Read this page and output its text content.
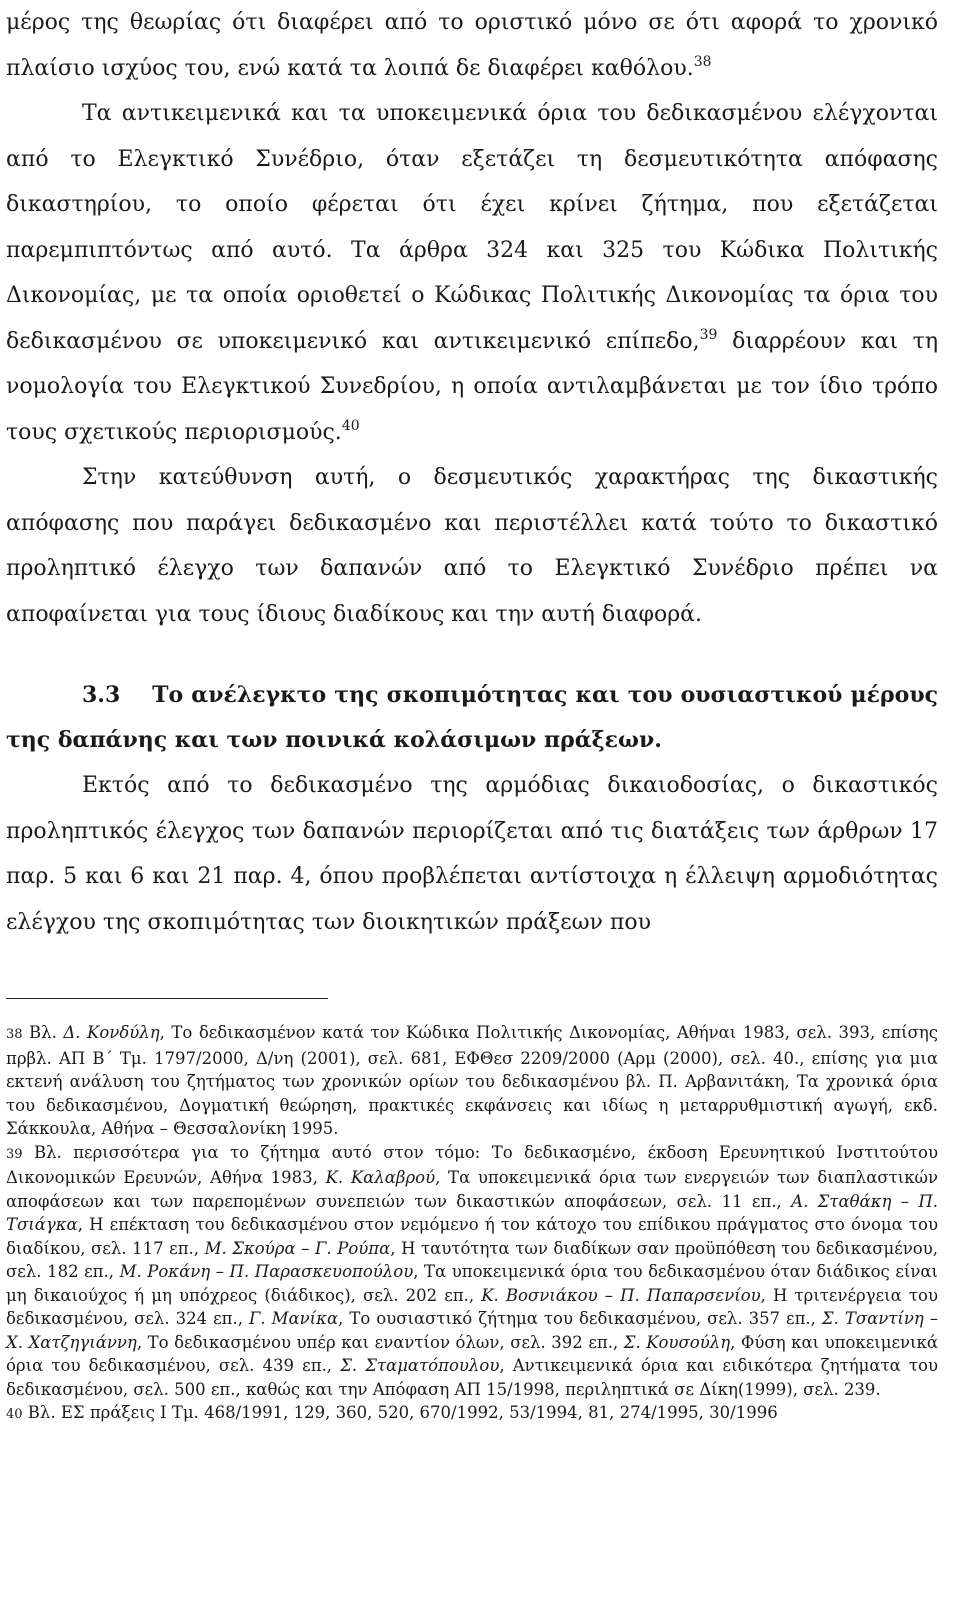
μέρος της θεωρίας ότι διαφέρει από το οριστικό μόνο σε ότι αφορά το χρονικό πλαίσιο ισχύος του, ενώ κατά τα λοιπά δε διαφέρει καθόλου.$^{38}$

Τα αντικειμενικά και τα υποκειμενικά όρια του δεδικασμένου ελέγχονται από το Ελεγκτικό Συνέδριο, όταν εξετάζει τη δεσμευτικότητα απόφασης δικαστηρίου, το οποίο φέρεται ότι έχει κρίνει ζήτημα, που εξετάζεται παρεμπιπτόντως από αυτό. Τα άρθρα 324 και 325 του Κώδικα Πολιτικής Δικονομίας, με τα οποία οριοθετεί ο Κώδικας Πολιτικής Δικονομίας τα όρια του δεδικασμένου σε υποκειμενικό και αντικειμενικό επίπεδο,$^{39}$ διαρρέουν και τη νομολογία του Ελεγκτικού Συνεδρίου, η οποία αντιλαμβάνεται με τον ίδιο τρόπο τους σχετικούς περιορισμούς.$^{40}$

Στην κατεύθυνση αυτή, ο δεσμευτικός χαρακτήρας της δικαστικής απόφασης που παράγει δεδικασμένο και περιστέλλει κατά τούτο το δικαστικό προληπτικό έλεγχο των δαπανών από το Ελεγκτικό Συνέδριο πρέπει να αποφαίνεται για τους ίδιους διαδίκους και την αυτή διαφορά.

3.3 Το ανέλεγκτο της σκοπιμότητας και του ουσιαστικού μέρους της δαπάνης και των ποινικά κολάσιμων πράξεων.

Εκτός από το δεδικασμένο της αρμόδιας δικαιοδοσίας, ο δικαστικός προληπτικός έλεγχος των δαπανών περιορίζεται από τις διατάξεις των άρθρων 17 παρ. 5 και 6 και 21 παρ. 4, όπου προβλέπεται αντίστοιχα η έλλειψη αρμοδιότητας ελέγχου της σκοπιμότητας των διοικητικών πράξεων που

38 Βλ. Δ. Κονδύλη, Το δεδικασμένον κατά τον Κώδικα Πολιτικής Δικονομίας, Αθήναι 1983, σελ. 393, επίσης πρβλ. ΑΠ Β΄ Τμ. 1797/2000, Δ/νη (2001), σελ. 681, ΕΦΘεσ 2209/2000 (Αρμ (2000), σελ. 40., επίσης για μια εκτενή ανάλυση του ζητήματος των χρονικών ορίων του δεδικασμένου βλ. Π. Αρβανιτάκη, Τα χρονικά όρια του δεδικασμένου, Δογματική θεώρηση, πρακτικές εκφάνσεις και ιδίως η μεταρρυθμιστική αγωγή, εκδ. Σάκκουλα, Αθήνα – Θεσσαλονίκη 1995.

39 Βλ. περισσότερα για το ζήτημα αυτό στον τόμο: Το δεδικασμένο, έκδοση Ερευνητικού Ινστιτούτου Δικονομικών Ερευνών, Αθήνα 1983, Κ. Καλαβρού, Τα υποκειμενικά όρια των ενεργειών των διαπλαστικών αποφάσεων και των παρεπομένων συνεπειών των δικαστικών αποφάσεων, σελ. 11 επ., Α. Σταθάκη – Π. Τσιάγκα, Η επέκταση του δεδικασμένου στον νεμόμενο ή τον κάτοχο του επίδικου πράγματος στο όνομα του διαδίκου, σελ. 117 επ., Μ. Σκούρα – Γ. Ρούπα, Η ταυτότητα των διαδίκων σαν προϋπόθεση του δεδικασμένου, σελ. 182 επ., Μ. Ροκάνη – Π. Παρασκευοπούλου, Τα υποκειμενικά όρια του δεδικασμένου όταν διάδικος είναι μη δικαιούχος ή μη υπόχρεος (διάδικος), σελ. 202 επ., Κ. Βοσνιάκου – Π. Παπαρσενίου, Η τριτενέργεια του δεδικασμένου, σελ. 324 επ., Γ. Μανίκα, Το ουσιαστικό ζήτημα του δεδικασμένου, σελ. 357 επ., Σ. Τσαντίνη – Χ. Χατζηγιάννη, Το δεδικασμένου υπέρ και εναντίον όλων, σελ. 392 επ., Σ. Κουσούλη, Φύση και υποκειμενικά όρια του δεδικασμένου, σελ. 439 επ., Σ. Σταματόπουλου, Αντικειμενικά όρια και ειδικότερα ζητήματα του δεδικασμένου, σελ. 500 επ., καθώς και την Απόφαση ΑΠ 15/1998, περιληπτικά σε Δίκη(1999), σελ. 239.

40 Βλ. ΕΣ πράξεις Ι Τμ. 468/1991, 129, 360, 520, 670/1992, 53/1994, 81, 274/1995, 30/1996
